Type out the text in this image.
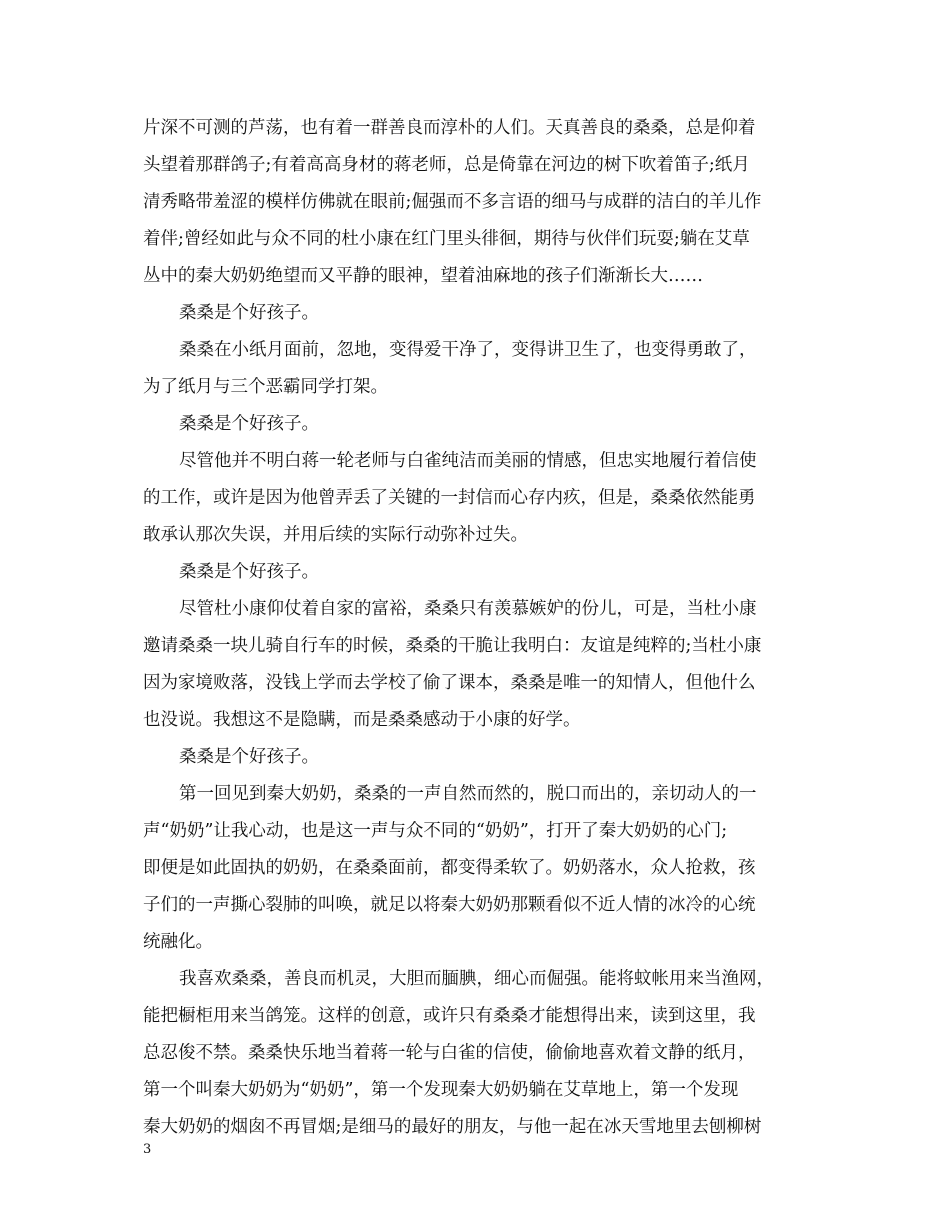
片深不可测的芦荡，也有着一群善良而淳朴的人们。天真善良的桑桑，总是仰着
头望着那群鸽子;有着高高身材的蒋老师，总是倚靠在河边的树下吹着笛子;纸月
清秀略带羞涩的模样仿佛就在眼前;倔强而不多言语的细马与成群的洁白的羊儿作
着伴;曾经如此与众不同的杜小康在红门里头徘徊，期待与伙伴们玩耍;躺在艾草
丛中的秦大奶奶绝望而又平静的眼神，望着油麻地的孩子们渐渐长大……
桑桑是个好孩子。
桑桑在小纸月面前，忽地，变得爱干净了，变得讲卫生了，也变得勇敢了，
为了纸月与三个恶霸同学打架。
桑桑是个好孩子。
尽管他并不明白蒋一轮老师与白雀纯洁而美丽的情感，但忠实地履行着信使
的工作，或许是因为他曾弄丢了关键的一封信而心存内疚，但是，桑桑依然能勇
敢承认那次失误，并用后续的实际行动弥补过失。
桑桑是个好孩子。
尽管杜小康仰仗着自家的富裕，桑桑只有羡慕嫉妒的份儿，可是，当杜小康
邀请桑桑一块儿骑自行车的时候，桑桑的干脆让我明白：友谊是纯粹的;当杜小康
因为家境败落，没钱上学而去学校了偷了课本，桑桑是唯一的知情人，但他什么
也没说。我想这不是隐瞒，而是桑桑感动于小康的好学。
桑桑是个好孩子。
第一回见到秦大奶奶，桑桑的一声自然而然的，脱口而出的，亲切动人的一
声“奶奶”让我心动，也是这一声与众不同的“奶奶”，打开了秦大奶奶的心门;
即便是如此固执的奶奶，在桑桑面前，都变得柔软了。奶奶落水，众人抢救，孩
子们的一声撕心裂肺的叫唤，就足以将秦大奶奶那颗看似不近人情的冰冷的心统
统融化。
我喜欢桑桑，善良而机灵，大胆而腼腆，细心而倔强。能将蚊帐用来当渔网，
能把橱柜用来当鸽笼。这样的创意，或许只有桑桑才能想得出来，读到这里，我
总忍俊不禁。桑桑快乐地当着蒋一轮与白雀的信使，偷偷地喜欢着文静的纸月，
第一个叫秦大奶奶为“奶奶”，第一个发现秦大奶奶躺在艾草地上，第一个发现
秦大奶奶的烟囱不再冒烟;是细马的最好的朋友，与他一起在冰天雪地里去刨柳树
3
